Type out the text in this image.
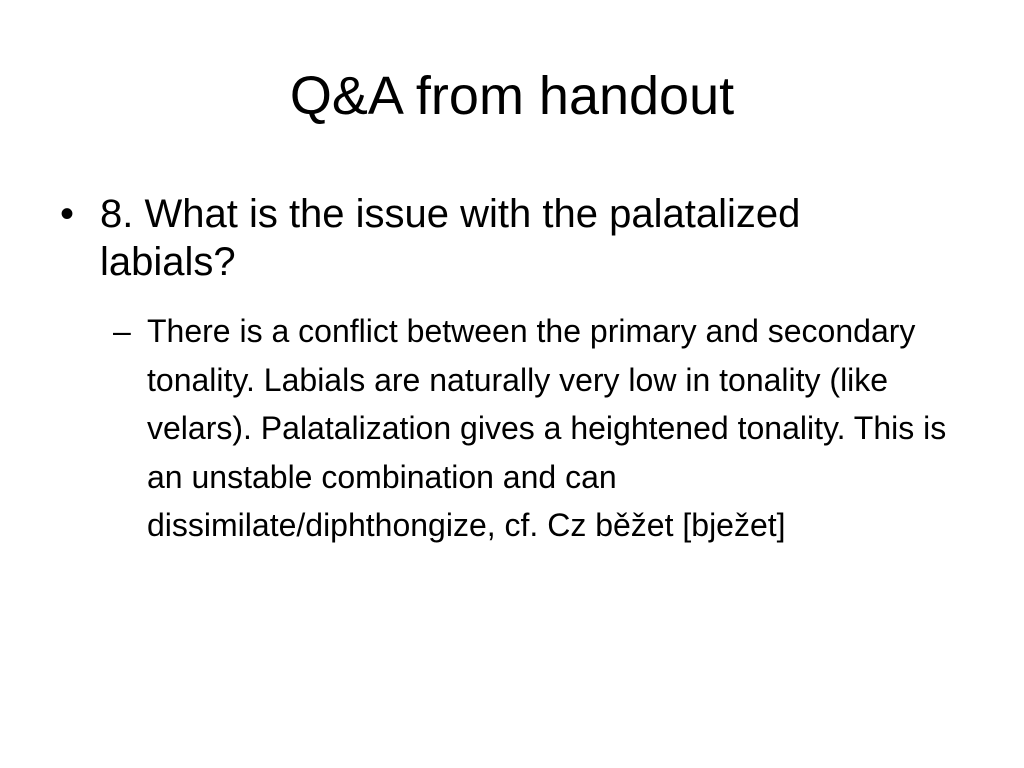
Q&A from handout
• 8. What is the issue with the palatalized labials?
– There is a conflict between the primary and secondary tonality. Labials are naturally very low in tonality (like velars). Palatalization gives a heightened tonality. This is an unstable combination and can dissimilate/diphthongize, cf. Cz běžet [bježet]
